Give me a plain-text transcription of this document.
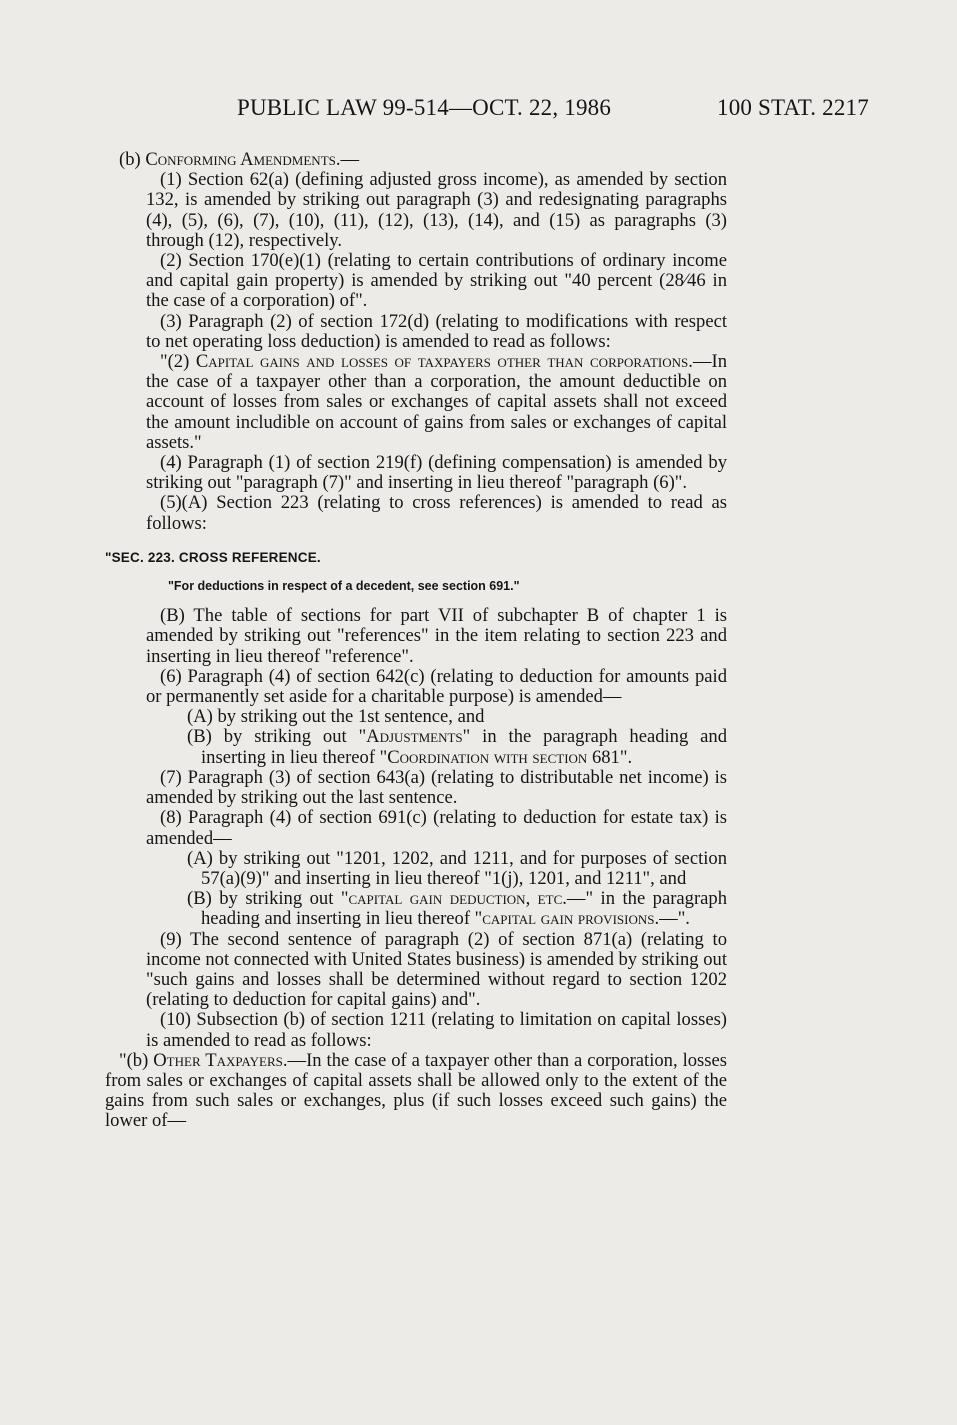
PUBLIC LAW 99-514—OCT. 22, 1986	100 STAT. 2217

(b) Conforming Amendments.—

(1) Section 62(a) (defining adjusted gross income), as amended by section 132, is amended by striking out paragraph (3) and redesignating paragraphs (4), (5), (6), (7), (10), (11), (12), (13), (14), and (15) as paragraphs (3) through (12), respectively.

(2) Section 170(e)(1) (relating to certain contributions of ordinary income and capital gain property) is amended by striking out "40 percent (28⁄46 in the case of a corporation) of".

(3) Paragraph (2) of section 172(d) (relating to modifications with respect to net operating loss deduction) is amended to read as follows:

"(2) Capital gains and losses of taxpayers other than corporations.—In the case of a taxpayer other than a corporation, the amount deductible on account of losses from sales or exchanges of capital assets shall not exceed the amount includible on account of gains from sales or exchanges of capital assets."

(4) Paragraph (1) of section 219(f) (defining compensation) is amended by striking out "paragraph (7)" and inserting in lieu thereof "paragraph (6)".

(5)(A) Section 223 (relating to cross references) is amended to read as follows:

"SEC. 223. CROSS REFERENCE.

"For deductions in respect of a decedent, see section 691."

(B) The table of sections for part VII of subchapter B of chapter 1 is amended by striking out "references" in the item relating to section 223 and inserting in lieu thereof "reference".

(6) Paragraph (4) of section 642(c) (relating to deduction for amounts paid or permanently set aside for a charitable purpose) is amended—

(A) by striking out the 1st sentence, and

(B) by striking out "Adjustments" in the paragraph heading and inserting in lieu thereof "Coordination with section 681".

(7) Paragraph (3) of section 643(a) (relating to distributable net income) is amended by striking out the last sentence.

(8) Paragraph (4) of section 691(c) (relating to deduction for estate tax) is amended—

(A) by striking out "1201, 1202, and 1211, and for purposes of section 57(a)(9)" and inserting in lieu thereof "1(j), 1201, and 1211", and

(B) by striking out "capital gain deduction, etc.—" in the paragraph heading and inserting in lieu thereof "capital gain provisions.—".

(9) The second sentence of paragraph (2) of section 871(a) (relating to income not connected with United States business) is amended by striking out "such gains and losses shall be determined without regard to section 1202 (relating to deduction for capital gains) and".

(10) Subsection (b) of section 1211 (relating to limitation on capital losses) is amended to read as follows:

"(b) Other Taxpayers.—In the case of a taxpayer other than a corporation, losses from sales or exchanges of capital assets shall be allowed only to the extent of the gains from such sales or exchanges, plus (if such losses exceed such gains) the lower of—
